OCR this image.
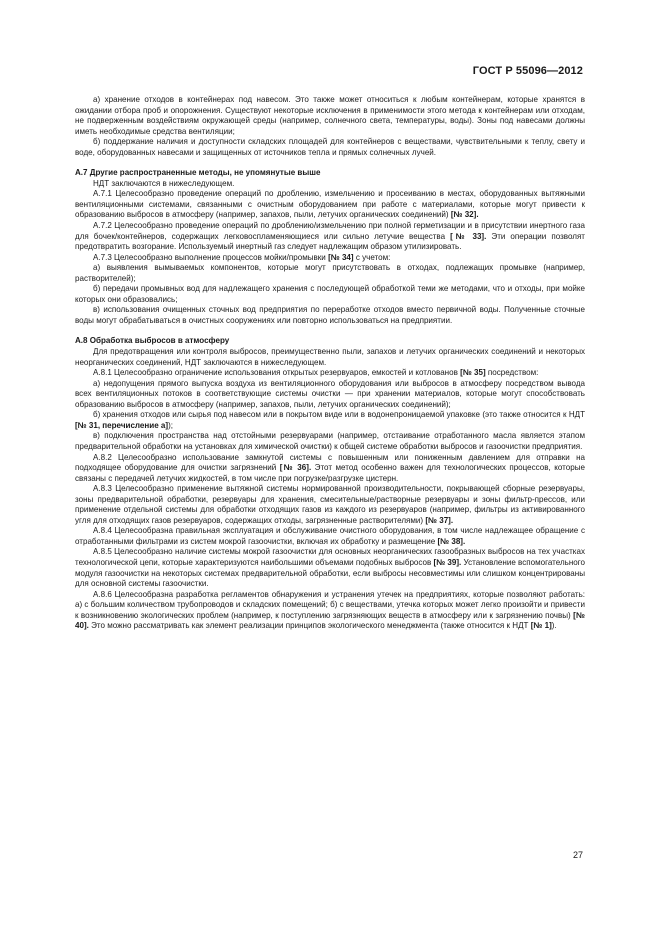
ГОСТ Р 55096—2012

а) хранение отходов в контейнерах под навесом. Это также может относиться к любым контейнерам, которые хранятся в ожидании отбора проб и опорожнения. Существуют некоторые исключения в применимости этого метода к контейнерам или отходам, не подверженным воздействиям окружающей среды (например, солнечного света, температуры, воды). Зоны под навесами должны иметь необходимые средства вентиляции;

б) поддержание наличия и доступности складских площадей для контейнеров с веществами, чувствительными к теплу, свету и воде, оборудованных навесами и защищенных от источников тепла и прямых солнечных лучей.

А.7 Другие распространенные методы, не упомянутые выше

НДТ заключаются в нижеследующем.

А.7.1 Целесообразно проведение операций по дроблению, измельчению и просеиванию в местах, оборудованных вытяжными вентиляционными системами, связанными с очистным оборудованием при работе с материалами, которые могут привести к образованию выбросов в атмосферу (например, запахов, пыли, летучих органических соединений) [№ 32].

А.7.2 Целесообразно проведение операций по дроблению/измельчению при полной герметизации и в присутствии инертного газа для бочек/контейнеров, содержащих легковоспламеняющиеся или сильно летучие вещества [№ 33]. Эти операции позволят предотвратить возгорание. Используемый инертный газ следует надлежащим образом утилизировать.

А.7.3 Целесообразно выполнение процессов мойки/промывки [№ 34] с учетом:

а) выявления вымываемых компонентов, которые могут присутствовать в отходах, подлежащих промывке (например, растворителей);

б) передачи промывных вод для надлежащего хранения с последующей обработкой теми же методами, что и отходы, при мойке которых они образовались;

в) использования очищенных сточных вод предприятия по переработке отходов вместо первичной воды. Полученные сточные воды могут обрабатываться в очистных сооружениях или повторно использоваться на предприятии.

А.8 Обработка выбросов в атмосферу

Для предотвращения или контроля выбросов, преимущественно пыли, запахов и летучих органических соединений и некоторых неорганических соединений, НДТ заключаются в нижеследующем.

А.8.1 Целесообразно ограничение использования открытых резервуаров, емкостей и котлованов [№ 35] посредством:

а) недопущения прямого выпуска воздуха из вентиляционного оборудования или выбросов в атмосферу посредством вывода всех вентиляционных потоков в соответствующие системы очистки — при хранении материалов, которые могут способствовать образованию выбросов в атмосферу (например, запахов, пыли, летучих органических соединений);

б) хранения отходов или сырья под навесом или в покрытом виде или в водонепроницаемой упаковке (это также относится к НДТ [№ 31, перечисление а]);

в) подключения пространства над отстойными резервуарами (например, отстаивание отработанного масла является этапом предварительной обработки на установках для химической очистки) к общей системе обработки выбросов и газоочистки предприятия.

А.8.2 Целесообразно использование замкнутой системы с повышенным или пониженным давлением для отправки на подходящее оборудование для очистки загрязнений [№ 36]. Этот метод особенно важен для технологических процессов, которые связаны с передачей летучих жидкостей, в том числе при погрузке/разгрузке цистерн.

А.8.3 Целесообразно применение вытяжной системы нормированной производительности, покрывающей сборные резервуары, зоны предварительной обработки, резервуары для хранения, смесительные/растворные резервуары и зоны фильтр-прессов, или применение отдельной системы для обработки отходящих газов из каждого из резервуаров (например, фильтры из активированного угля для отходящих газов резервуаров, содержащих отходы, загрязненные растворителями) [№ 37].

А.8.4 Целесообразна правильная эксплуатация и обслуживание очистного оборудования, в том числе надлежащее обращение с отработанными фильтрами из систем мокрой газоочистки, включая их обработку и размещение [№ 38].

А.8.5 Целесообразно наличие системы мокрой газоочистки для основных неорганических газообразных выбросов на тех участках технологической цепи, которые характеризуются наибольшими объемами подобных выбросов [№ 39]. Установление вспомогательного модуля газоочистки на некоторых системах предварительной обработки, если выбросы несовместимы или слишком концентрированы для основной системы газоочистки.

А.8.6 Целесообразна разработка регламентов обнаружения и устранения утечек на предприятиях, которые позволяют работать: а) с большим количеством трубопроводов и складских помещений; б) с веществами, утечка которых может легко произойти и привести к возникновению экологических проблем (например, к поступлению загрязняющих веществ в атмосферу или к загрязнению почвы) [№ 40]. Это можно рассматривать как элемент реализации принципов экологического менеджмента (также относится к НДТ [№ 1]).

27
